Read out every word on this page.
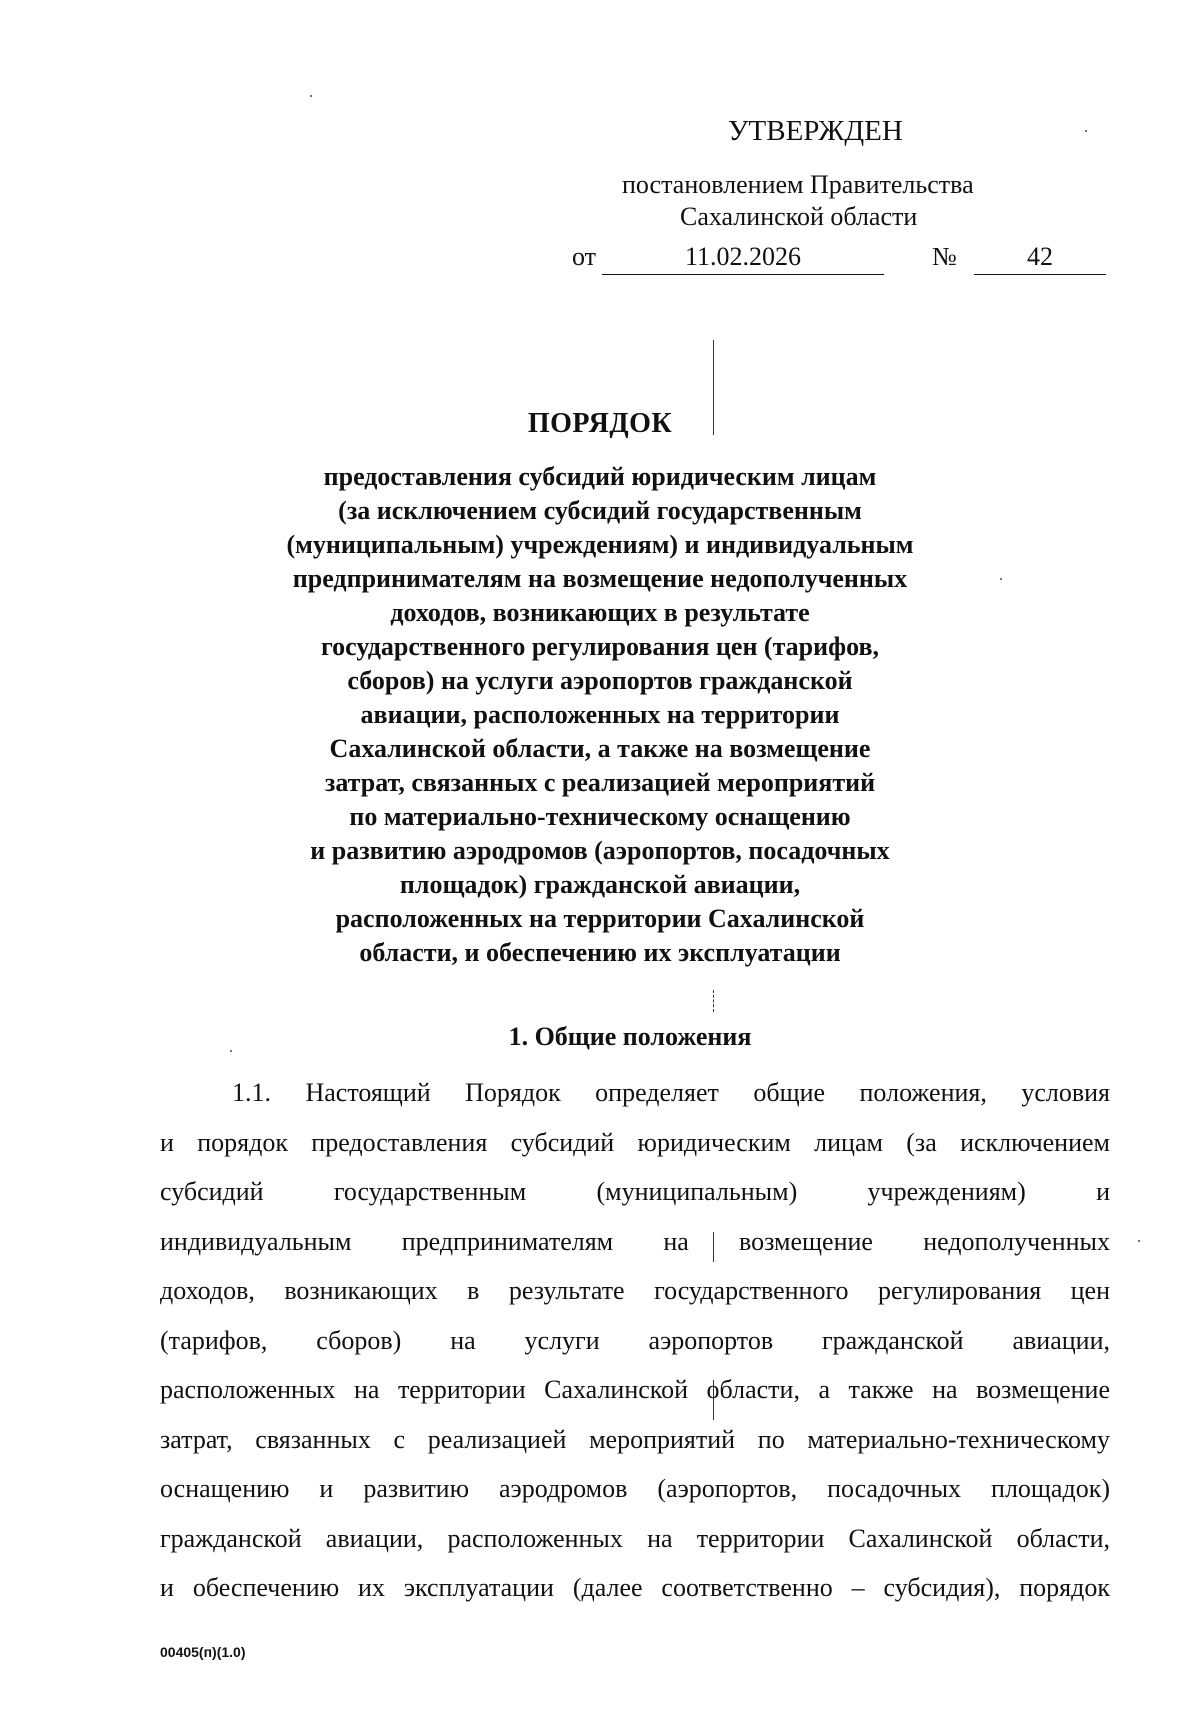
УТВЕРЖДЕН
постановлением Правительства
Сахалинской области
от	11.02.2026	№	42
ПОРЯДОК
предоставления субсидий юридическим лицам
(за исключением субсидий государственным
(муниципальным) учреждениям) и индивидуальным
предпринимателям на возмещение недополученных
доходов, возникающих в результате
государственного регулирования цен (тарифов,
сборов) на услуги аэропортов гражданской
авиации, расположенных на территории
Сахалинской области, а также на возмещение
затрат, связанных с реализацией мероприятий
по материально-техническому оснащению
и развитию аэродромов (аэропортов, посадочных
площадок) гражданской авиации,
расположенных на территории Сахалинской
области, и обеспечению их эксплуатации
1. Общие положения
1.1. Настоящий Порядок определяет общие положения, условия
и порядок предоставления субсидий юридическим лицам (за исключением
субсидий государственным (муниципальным) учреждениям) и
индивидуальным предпринимателям на возмещение недополученных
доходов, возникающих в результате государственного регулирования цен
(тарифов, сборов) на услуги аэропортов гражданской авиации,
расположенных на территории Сахалинской области, а также на возмещение
затрат, связанных с реализацией мероприятий по материально-техническому
оснащению и развитию аэродромов (аэропортов, посадочных площадок)
гражданской авиации, расположенных на территории Сахалинской области,
и обеспечению их эксплуатации (далее соответственно – субсидия), порядок
00405(п)(1.0)
